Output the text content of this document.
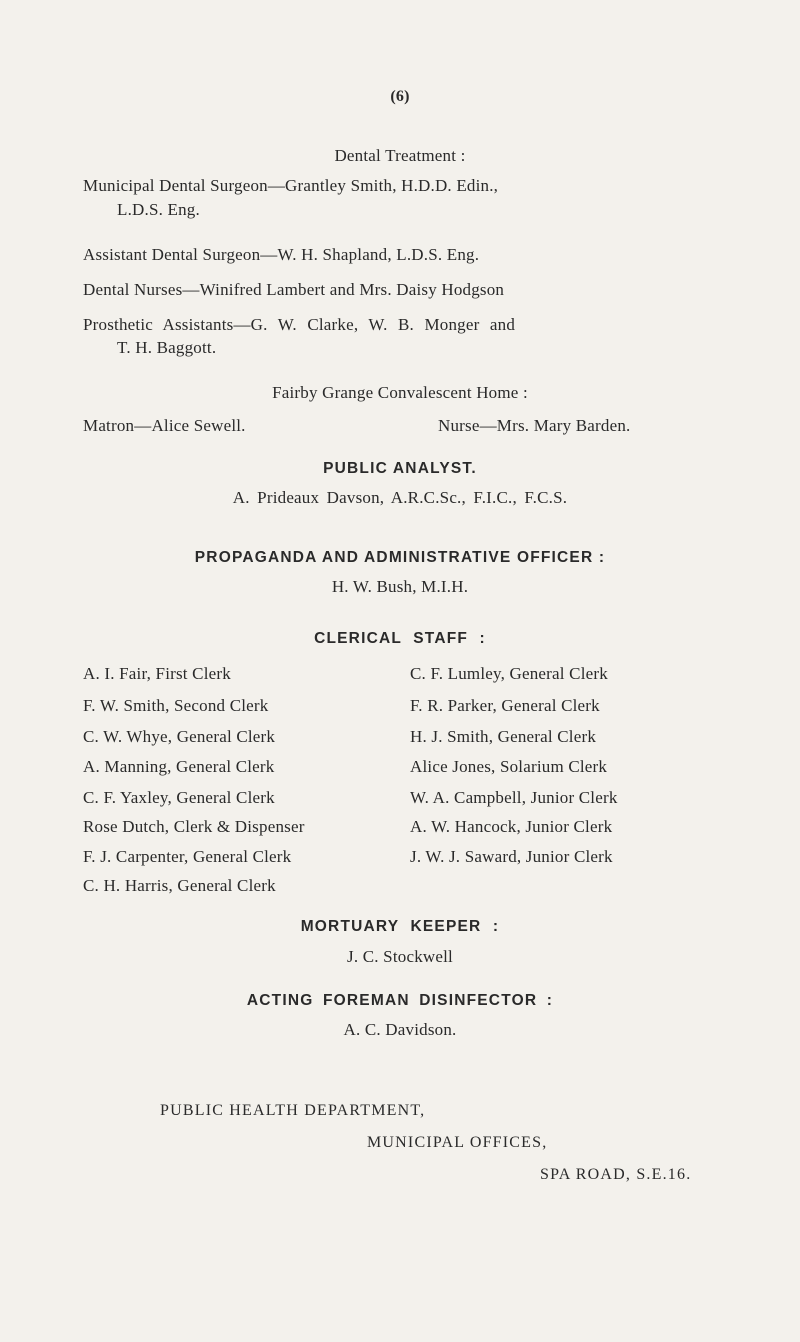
(6)
Dental Treatment :
Municipal Dental Surgeon—Grantley Smith, H.D.D. Edin.,
L.D.S. Eng.
Assistant Dental Surgeon—W. H. Shapland, L.D.S. Eng.
Dental Nurses—Winifred Lambert and Mrs. Daisy Hodgson
Prosthetic Assistants—G. W. Clarke, W. B. Monger and
T. H. Baggott.
Fairby Grange Convalescent Home :
Matron—Alice Sewell.	Nurse—Mrs. Mary Barden.
PUBLIC ANALYST.
A. Prideaux Davson, A.R.C.Sc., F.I.C., F.C.S.
PROPAGANDA AND ADMINISTRATIVE OFFICER :
H. W. Bush, M.I.H.
CLERICAL STAFF :
A. I. Fair, First Clerk
F. W. Smith, Second Clerk
C. W. Whye, General Clerk
A. Manning, General Clerk
C. F. Yaxley, General Clerk
Rose Dutch, Clerk & Dispenser
F. J. Carpenter, General Clerk
C. H. Harris, General Clerk
C. F. Lumley, General Clerk
F. R. Parker, General Clerk
H. J. Smith, General Clerk
Alice Jones, Solarium Clerk
W. A. Campbell, Junior Clerk
A. W. Hancock, Junior Clerk
J. W. J. Saward, Junior Clerk
MORTUARY KEEPER :
J. C. Stockwell
ACTING FOREMAN DISINFECTOR :
A. C. Davidson.
PUBLIC HEALTH DEPARTMENT,
MUNICIPAL OFFICES,
SPA ROAD, S.E.16.
